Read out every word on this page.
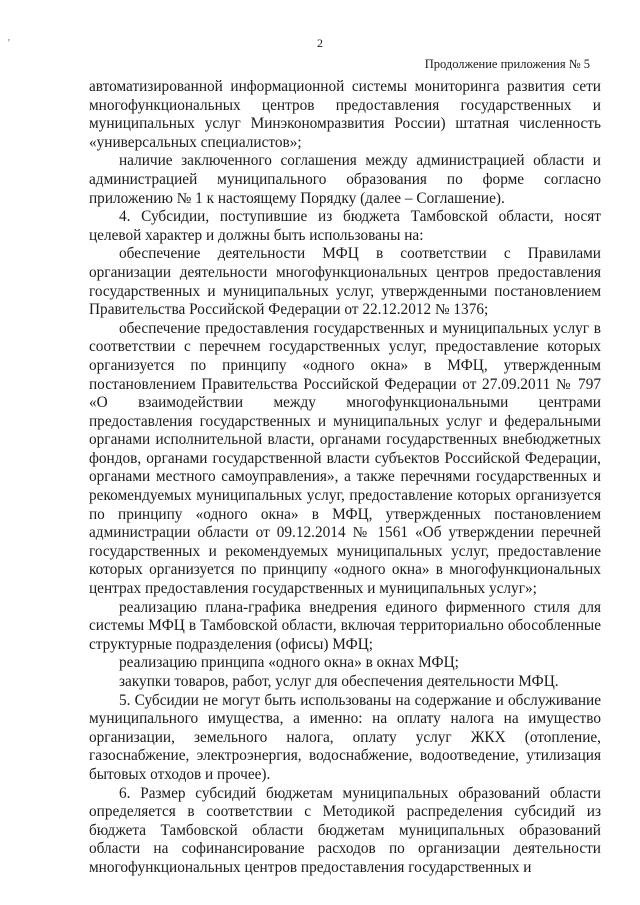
'	2
Продолжение приложения № 5

автоматизированной информационной системы мониторинга развития сети многофункциональных центров предоставления государственных и муниципальных услуг Минэкономразвития России) штатная численность «универсальных специалистов»;

наличие заключенного соглашения между администрацией области и администрацией муниципального образования по форме согласно приложению № 1 к настоящему Порядку (далее – Соглашение).

4. Субсидии, поступившие из бюджета Тамбовской области, носят целевой характер и должны быть использованы на:

обеспечение деятельности МФЦ в соответствии с Правилами организации деятельности многофункциональных центров предоставления государственных и муниципальных услуг, утвержденными постановлением Правительства Российской Федерации от 22.12.2012 № 1376;

обеспечение предоставления государственных и муниципальных услуг в соответствии с перечнем государственных услуг, предоставление которых организуется по принципу «одного окна» в МФЦ, утвержденным постановлением Правительства Российской Федерации от 27.09.2011 № 797 «О взаимодействии между многофункциональными центрами предоставления государственных и муниципальных услуг и федеральными органами исполнительной власти, органами государственных внебюджетных фондов, органами государственной власти субъектов Российской Федерации, органами местного самоуправления», а также перечнями государственных и рекомендуемых муниципальных услуг, предоставление которых организуется по принципу «одного окна» в МФЦ, утвержденных постановлением администрации области от 09.12.2014 № 1561 «Об утверждении перечней государственных и рекомендуемых муниципальных услуг, предоставление которых организуется по принципу «одного окна» в многофункциональных центрах предоставления государственных и муниципальных услуг»;

реализацию плана-графика внедрения единого фирменного стиля для системы МФЦ в Тамбовской области, включая территориально обособленные структурные подразделения (офисы) МФЦ;

реализацию принципа «одного окна» в окнах МФЦ;

закупки товаров, работ, услуг для обеспечения деятельности МФЦ.

5. Субсидии не могут быть использованы на содержание и обслуживание муниципального имущества, а именно: на оплату налога на имущество организации, земельного налога, оплату услуг ЖКХ (отопление, газоснабжение, электроэнергия, водоснабжение, водоотведение, утилизация бытовых отходов и прочее).

6. Размер субсидий бюджетам муниципальных образований области определяется в соответствии с Методикой распределения субсидий из бюджета Тамбовской области бюджетам муниципальных образований области на софинансирование расходов по организации деятельности многофункциональных центров предоставления государственных и
